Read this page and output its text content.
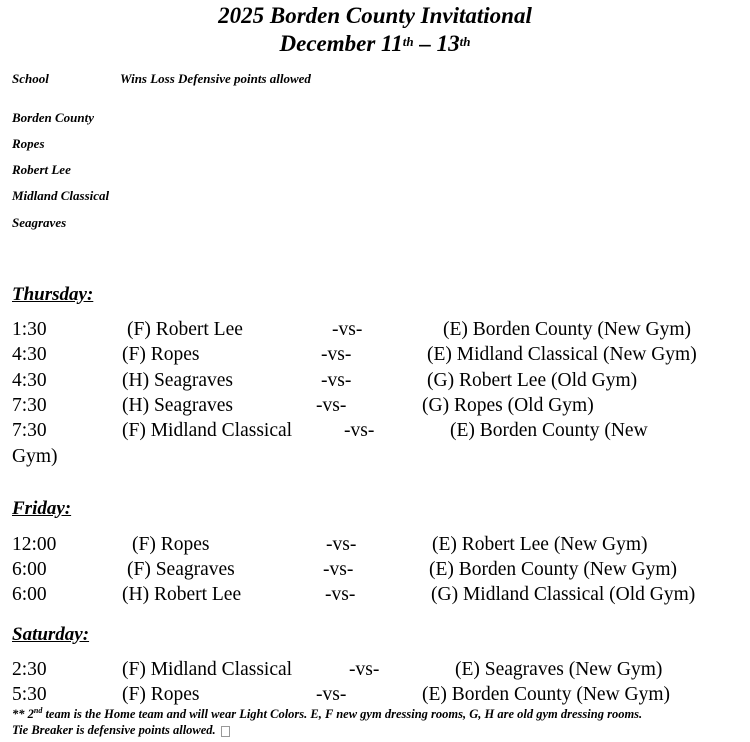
2025 Borden County Invitational
December 11th – 13th
School	Wins Loss Defensive points allowed
Borden County
Ropes
Robert Lee
Midland Classical
Seagraves
Thursday:
1:30	(F) Robert Lee	-vs-	(E) Borden County (New Gym)
4:30	(F) Ropes	-vs-	(E) Midland Classical (New Gym)
4:30	(H) Seagraves	-vs-	(G) Robert Lee (Old Gym)
7:30	(H) Seagraves	-vs-	(G) Ropes (Old Gym)
7:30	(F) Midland Classical	-vs-	(E) Borden County (New
Gym)
Friday:
12:00	(F) Ropes	-vs-	(E) Robert Lee (New Gym)
6:00	(F) Seagraves	-vs-	(E) Borden County (New Gym)
6:00	(H) Robert Lee	-vs-	(G) Midland Classical (Old Gym)
Saturday:
2:30	(F) Midland Classical	-vs-	(E) Seagraves (New Gym)
5:30	(F) Ropes	-vs-	(E) Borden County (New Gym)
** 2nd team is the Home team and will wear Light Colors. E, F new gym dressing rooms, G, H are old gym dressing rooms.
Tie Breaker is defensive points allowed.
